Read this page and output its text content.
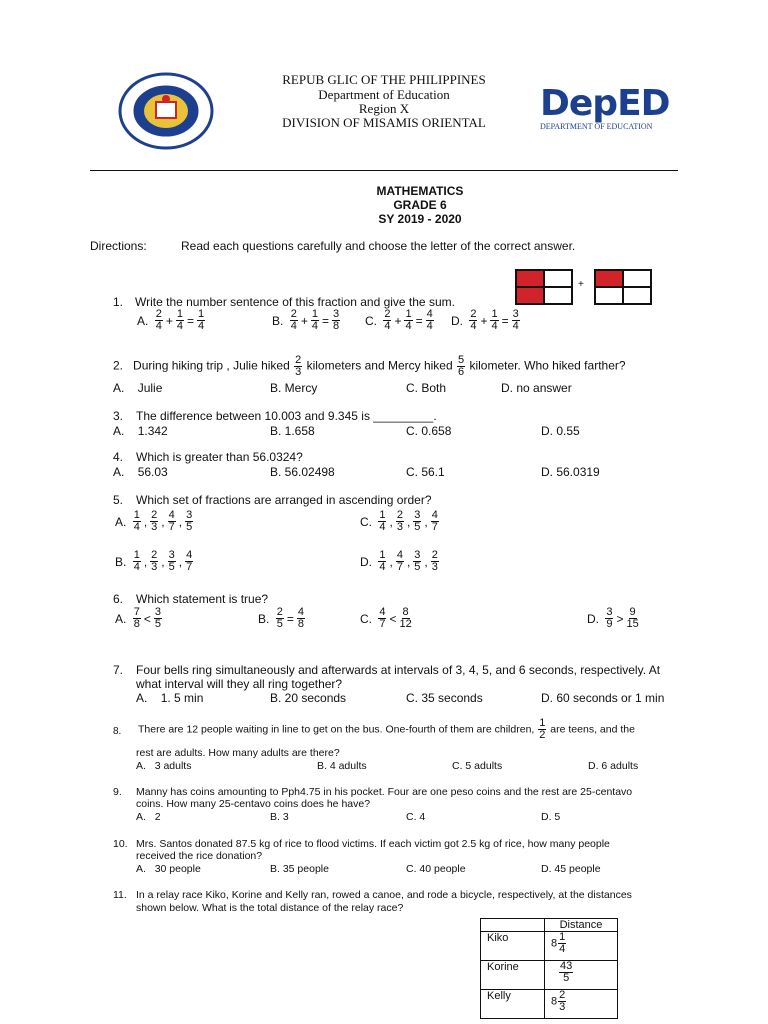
REPUB GLIC OF THE PHILIPPINES
Department of Education
Region X
DIVISION OF MISAMIS ORIENTAL	DepED
DEPARTMENT OF EDUCATION
MATHEMATICS
GRADE 6
SY 2019 - 2020
Directions:	Read each questions carefully and choose the letter of the correct answer.
+
1. Write the number sentence of this fraction and give the sum.
A. $\frac{2}{4} + \frac{1}{4} = \frac{1}{4}$	B. $\frac{2}{4} + \frac{1}{4} = \frac{3}{8} C$. $\frac{2}{4} + \frac{1}{4} = \frac{4}{4} D$. $\frac{2}{4} + \frac{1}{4} = \frac{3}{4}$
2. During hiking trip , Julie hiked $\frac{2}{3}$ kilometers and Mercy hiked $\frac{5}{6}$ kilometer. Who hiked farther?
A. Julie	B. Mercy	C. Both	D. no answer
3. The difference between 10.003 and 9.345 is _________.
A. 1.342	B. 1.658	C. 0.658	D. 0.55
4. Which is greater than 56.0324?
A. 56.03	B. 56.02498	C. 56.1	D. 56.0319
5. Which set of fractions are arranged in ascending order?
A. $\frac{1}{4}$ , $\frac{2}{3}$ , $\frac{4}{7}$ , $\frac{3}{5}$	C. $\frac{1}{4}$ , $\frac{2}{3}$ , $\frac{3}{5}$ , $\frac{4}{7}$
B. $\frac{1}{4}$ , $\frac{2}{3}$ , $\frac{3}{5}$ , $\frac{4}{7}$	D. $\frac{1}{4}$ , $\frac{4}{7}$ , $\frac{3}{5}$ , $\frac{2}{3}$
6. Which statement is true?
A. $\frac{7}{8} < \frac{3}{5}$	B. $\frac{2}{5} = \frac{4}{8}$	C. $\frac{4}{7} < \frac{8}{12}$	D. $\frac{3}{9} > \frac{9}{15}$
7. Four bells ring simultaneously and afterwards at intervals of 3, 4, 5, and 6 seconds, respectively. At
what interval will they all ring together?
A. 1. 5 min	B. 20 seconds	C. 35 seconds	D. 60 seconds or 1 min
8. There are 12 people waiting in line to get on the bus. One-fourth of them are children, $\frac{1}{2}$ are teens, and the
rest are adults. How many adults are there?
A. 3 adults	B. 4 adults	C. 5 adults	D. 6 adults
9. Manny has coins amounting to Pph4.75 in his pocket. Four are one peso coins and the rest are 25-centavo
coins. How many 25-centavo coins does he have?
A. 2	B. 3	C. 4	D. 5
10. Mrs. Santos donated 87.5 kg of rice to flood victims. If each victim got 2.5 kg of rice, how many people
received the rice donation?
A. 30 people	B. 35 people	C. 40 people	D. 45 people
11. In a relay race Kiko, Korine and Kelly ran, rowed a canoe, and rode a bicycle, respectively, at the distances
shown below. What is the total distance of the relay race?
	Distance
Kiko	$8 \frac{1}{4}$

Korine	$\frac{43}{5}$

Kelly	$8 \frac{2}{3}$
